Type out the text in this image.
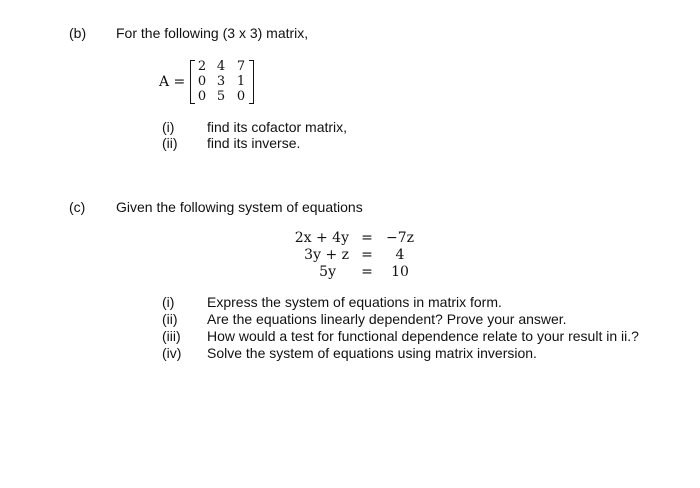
(b) For the following (3 x 3) matrix,
A =
2 4 7
0 3 1
0 5 0
(i) find its cofactor matrix,
(ii) find its inverse.
(c) Given the following system of equations
2x + 4y = −7z
3y + z =	4
5y =	10
(i) Express the system of equations in matrix form.
(ii) Are the equations linearly dependent? Prove your answer.
(iii) How would a test for functional dependence relate to your result in ii.?
(iv) Solve the system of equations using matrix inversion.
